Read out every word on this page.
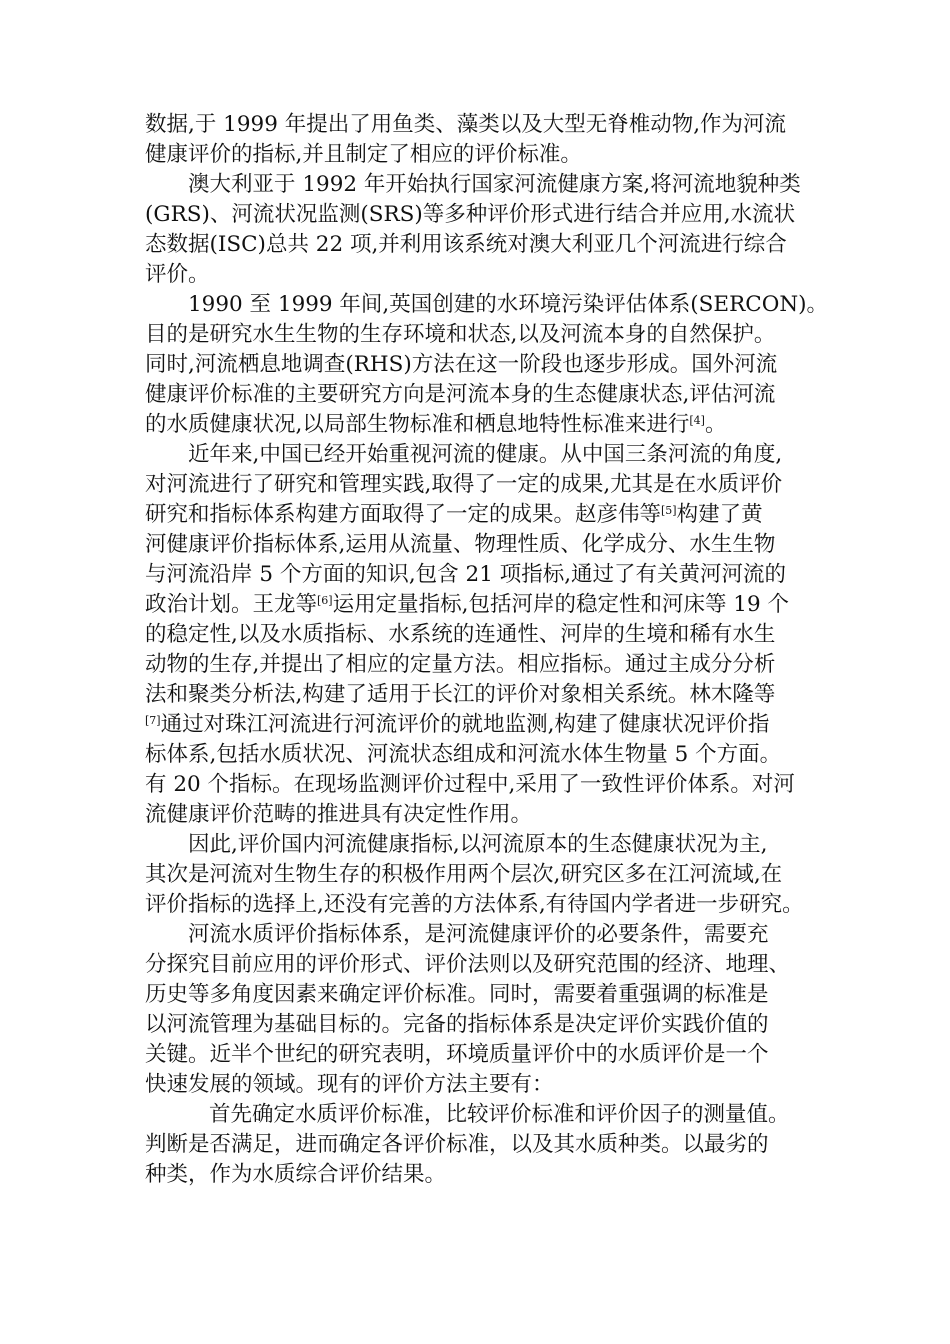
数据,于 1999 年提出了用鱼类、藻类以及大型无脊椎动物,作为河流
健康评价的指标,并且制定了相应的评价标准。

澳大利亚于 1992 年开始执行国家河流健康方案,将河流地貌种类
(GRS)、河流状况监测(SRS)等多种评价形式进行结合并应用,水流状
态数据(ISC)总共 22 项,并利用该系统对澳大利亚几个河流进行综合
评价。

1990 至 1999 年间,英国创建的水环境污染评估体系(SERCON)。
目的是研究水生生物的生存环境和状态,以及河流本身的自然保护。
同时,河流栖息地调查(RHS)方法在这一阶段也逐步形成。国外河流
健康评价标准的主要研究方向是河流本身的生态健康状态,评估河流
的水质健康状况,以局部生物标准和栖息地特性标准来进行[4]。

近年来,中国已经开始重视河流的健康。从中国三条河流的角度,
对河流进行了研究和管理实践,取得了一定的成果,尤其是在水质评价
研究和指标体系构建方面取得了一定的成果。赵彦伟等[5]构建了黄
河健康评价指标体系,运用从流量、物理性质、化学成分、水生生物
与河流沿岸 5 个方面的知识,包含 21 项指标,通过了有关黄河河流的
政治计划。王龙等[6]运用定量指标,包括河岸的稳定性和河床等 19 个
的稳定性,以及水质指标、水系统的连通性、河岸的生境和稀有水生
动物的生存,并提出了相应的定量方法。相应指标。通过主成分分析
法和聚类分析法,构建了适用于长江的评价对象相关系统。林木隆等
[7]通过对珠江河流进行河流评价的就地监测,构建了健康状况评价指
标体系,包括水质状况、河流状态组成和河流水体生物量 5 个方面。
有 20 个指标。在现场监测评价过程中,采用了一致性评价体系。对河
流健康评价范畴的推进具有决定性作用。

因此,评价国内河流健康指标,以河流原本的生态健康状况为主,
其次是河流对生物生存的积极作用两个层次,研究区多在江河流域,在
评价指标的选择上,还没有完善的方法体系,有待国内学者进一步研究。

河流水质评价指标体系，是河流健康评价的必要条件，需要充
分探究目前应用的评价形式、评价法则以及研究范围的经济、地理、
历史等多角度因素来确定评价标准。同时，需要着重强调的标准是
以河流管理为基础目标的。完备的指标体系是决定评价实践价值的
关键。近半个世纪的研究表明，环境质量评价中的水质评价是一个
快速发展的领域。现有的评价方法主要有：

首先确定水质评价标准，比较评价标准和评价因子的测量值。
判断是否满足，进而确定各评价标准，以及其水质种类。以最劣的
种类，作为水质综合评价结果。
